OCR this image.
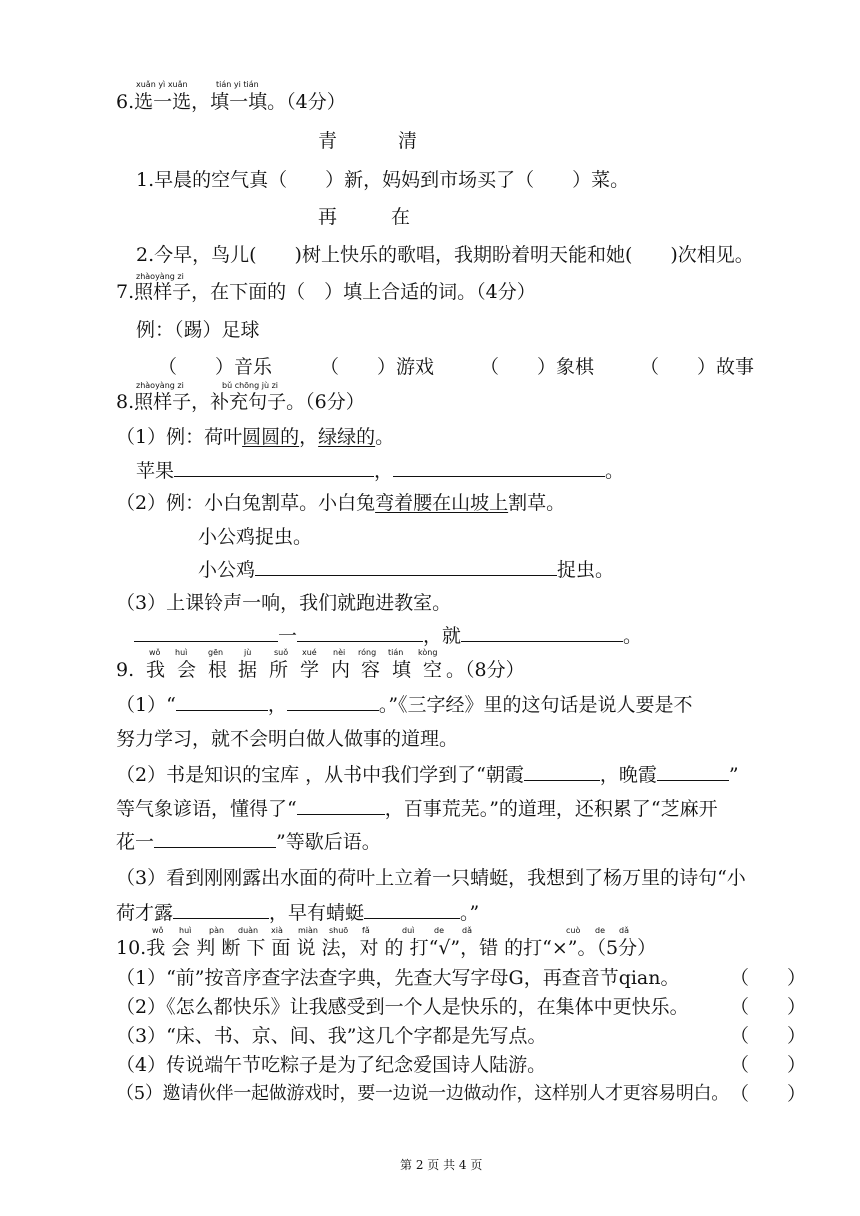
xuǎn yì xuǎn	tián yi tián
6.选一选，填一填。（4分）
青	清
1.早晨的空气真（　　）新，妈妈到市场买了（　　）菜。
再	在
2.今早，鸟儿(　　)树上快乐的歌唱，我期盼着明天能和她(　　)次相见。
zhàoyàng zi
7.照样子，在下面的（　）填上合适的词。（4分）
例：（踢）足球
（　　）音乐	（　　）游戏 （　　）象棋 （　　）故事
zhàoyàng zi	bǔ chōng jù zi
8.照样子，补充句子。（6分）
（1）例：荷叶圆圆的，绿绿的。
苹果	，	。
（2）例：小白兔割草。小白兔弯着腰在山坡上割草。
小公鸡捉虫。
小公鸡	捉虫。
（3）上课铃声一响，我们就跑进教室。
一	，就	。
9.
wǒ huì	gēn	jù	suǒ xué nèi róng tián kòng
我 会 根 据 所 学 内 容 填 空 。（8分）
（1）“	，	。”《三字经》里的这句话是说人要是不
努力学习，就不会明白做人做事的道理。
（2）书是知识的宝库 ，从书中我们学到了“朝霞	，晚霞	”
等气象谚语，懂得了“	，百事荒芜。”的道理，还积累了“芝麻开
花一	”等歇后语。
（3）看到刚刚露出水面的荷叶上立着一只蜻蜓，我想到了杨万里的诗句“小
荷才露	，早有蜻蜓	。”
wǒ huì pàn duàn xià miàn shuō fǎ	duì de dǎ	cuò de dǎ
10.我 会 判 断 下 面 说 法，对 的 打“√”，错 的打“×”。（5分）
（1）“前”按音序查字法查字典，先查大写字母G，再查音节qian。	（　　）
（2）《怎么都快乐》让我感受到一个人是快乐的，在集体中更快乐。 （　　）
（3）“床、书、京、间、我”这几个字都是先写点。	（　　）
（4）传说端午节吃粽子是为了纪念爱国诗人陆游。	（　　）
（5）邀请伙伴一起做游戏时，要一边说一边做动作，这样别人才更容易明白。 （　　）
第 2 页 共 4 页
